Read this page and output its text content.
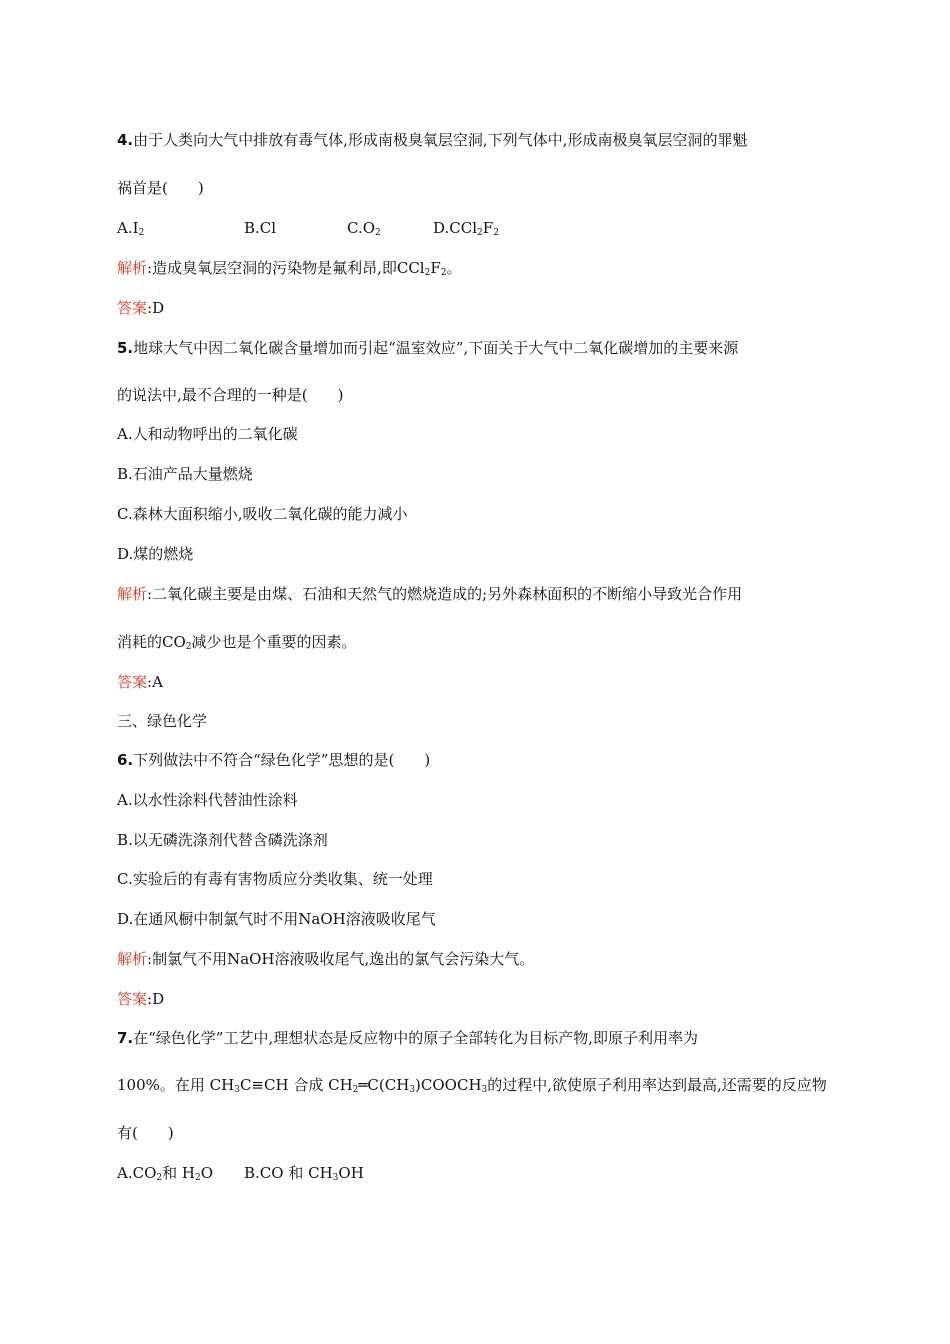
4.由于人类向大气中排放有毒气体,形成南极臭氧层空洞,下列气体中,形成南极臭氧层空洞的罪魁
祸首是(　　)
$A.I_2$	B.Cl	$C.O_2$	$D.CCl_2F_2$
解析:造成臭氧层空洞的污染物是氟利昂,即$CCl_2F_2$。
答案:D
5.地球大气中因二氧化碳含量增加而引起“温室效应”,下面关于大气中二氧化碳增加的主要来源
的说法中,最不合理的一种是(　　)
A.人和动物呼出的二氧化碳
B.石油产品大量燃烧
C.森林大面积缩小,吸收二氧化碳的能力减小
D.煤的燃烧
解析:二氧化碳主要是由煤、石油和天然气的燃烧造成的;另外森林面积的不断缩小导致光合作用
消耗的$CO_2$减少也是个重要的因素。
答案:A
三、绿色化学
6.下列做法中不符合“绿色化学”思想的是(　　)
A.以水性涂料代替油性涂料
B.以无磷洗涤剂代替含磷洗涤剂
C.实验后的有毒有害物质应分类收集、统一处理
D.在通风橱中制氯气时不用NaOH溶液吸收尾气
解析:制氯气不用NaOH溶液吸收尾气,逸出的氯气会污染大气。
答案:D
7.在“绿色化学”工艺中,理想状态是反应物中的原子全部转化为目标产物,即原子利用率为
100%。在用 $CH_3C\equiv CH$ 合成 $CH_2═C(CH_3)COOCH_3$的过程中,欲使原子利用率达到最高,还需要的反应物
有(　　)
$A.CO_2$和 $H_2O$ B.CO 和 $CH_3OH$
